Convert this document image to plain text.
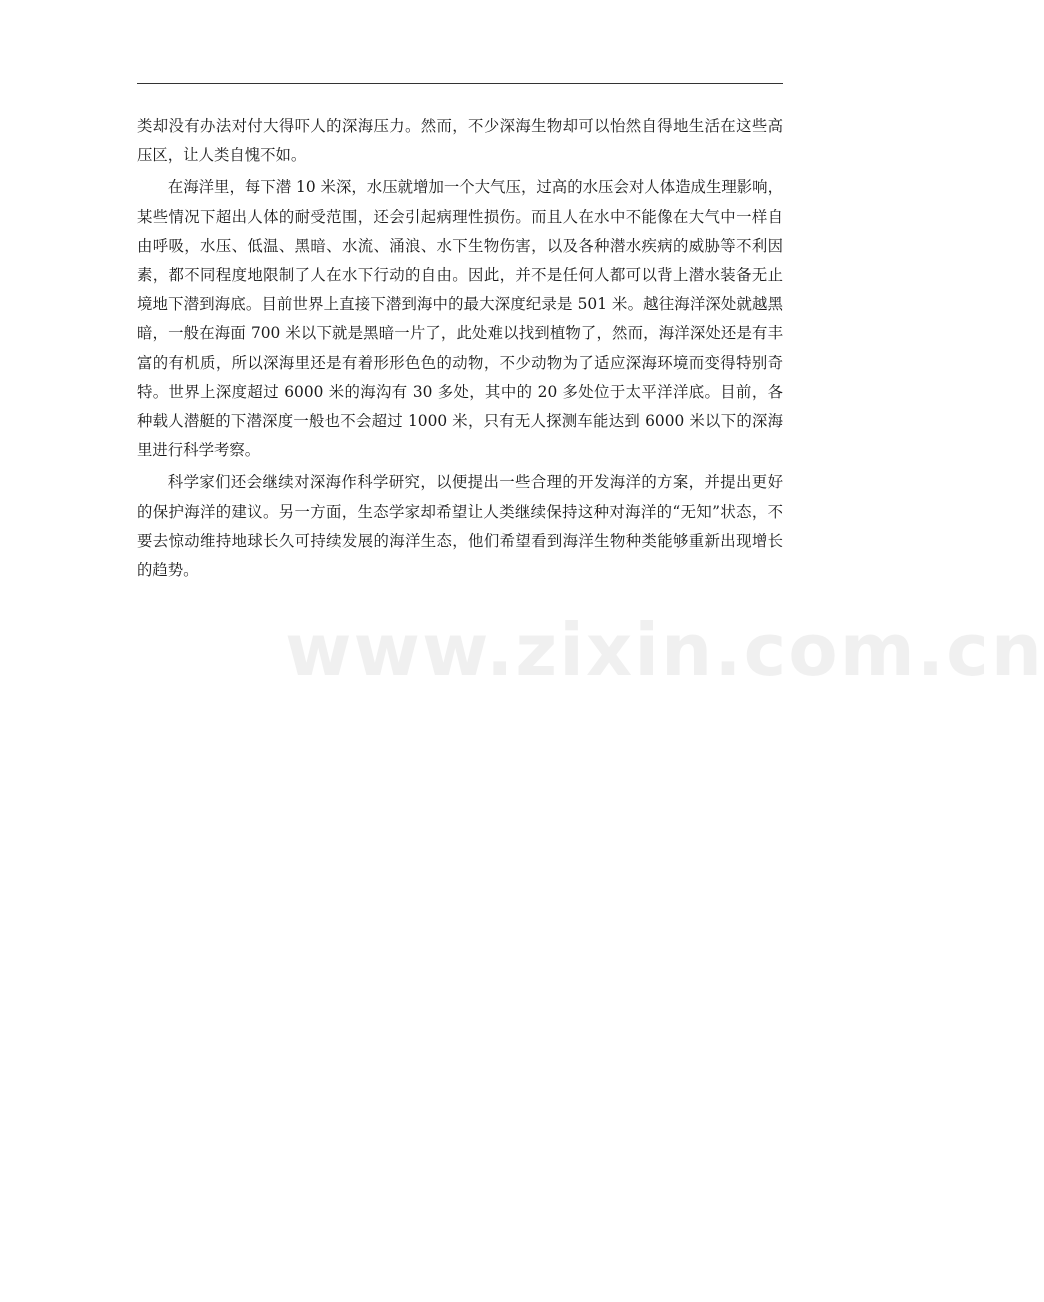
类却没有办法对付大得吓人的深海压力。然而，不少深海生物却可以怡然自得地生活在这些高压区，让人类自愧不如。

在海洋里，每下潜 10 米深，水压就增加一个大气压，过高的水压会对人体造成生理影响，某些情况下超出人体的耐受范围，还会引起病理性损伤。而且人在水中不能像在大气中一样自由呼吸，水压、低温、黑暗、水流、涌浪、水下生物伤害，以及各种潜水疾病的威胁等不利因素，都不同程度地限制了人在水下行动的自由。因此，并不是任何人都可以背上潜水装备无止境地下潜到海底。目前世界上直接下潜到海中的最大深度纪录是 501 米。越往海洋深处就越黑暗，一般在海面 700 米以下就是黑暗一片了，此处难以找到植物了，然而，海洋深处还是有丰富的有机质，所以深海里还是有着形形色色的动物，不少动物为了适应深海环境而变得特别奇特。世界上深度超过 6000 米的海沟有 30 多处，其中的 20 多处位于太平洋洋底。目前，各种载人潜艇的下潜深度一般也不会超过 1000 米，只有无人探测车能达到 6000 米以下的深海里进行科学考察。

科学家们还会继续对深海作科学研究，以便提出一些合理的开发海洋的方案，并提出更好的保护海洋的建议。另一方面，生态学家却希望让人类继续保持这种对海洋的“无知”状态，不要去惊动维持地球长久可持续发展的海洋生态，他们希望看到海洋生物种类能够重新出现增长的趋势。

www.zixin.com.cn
